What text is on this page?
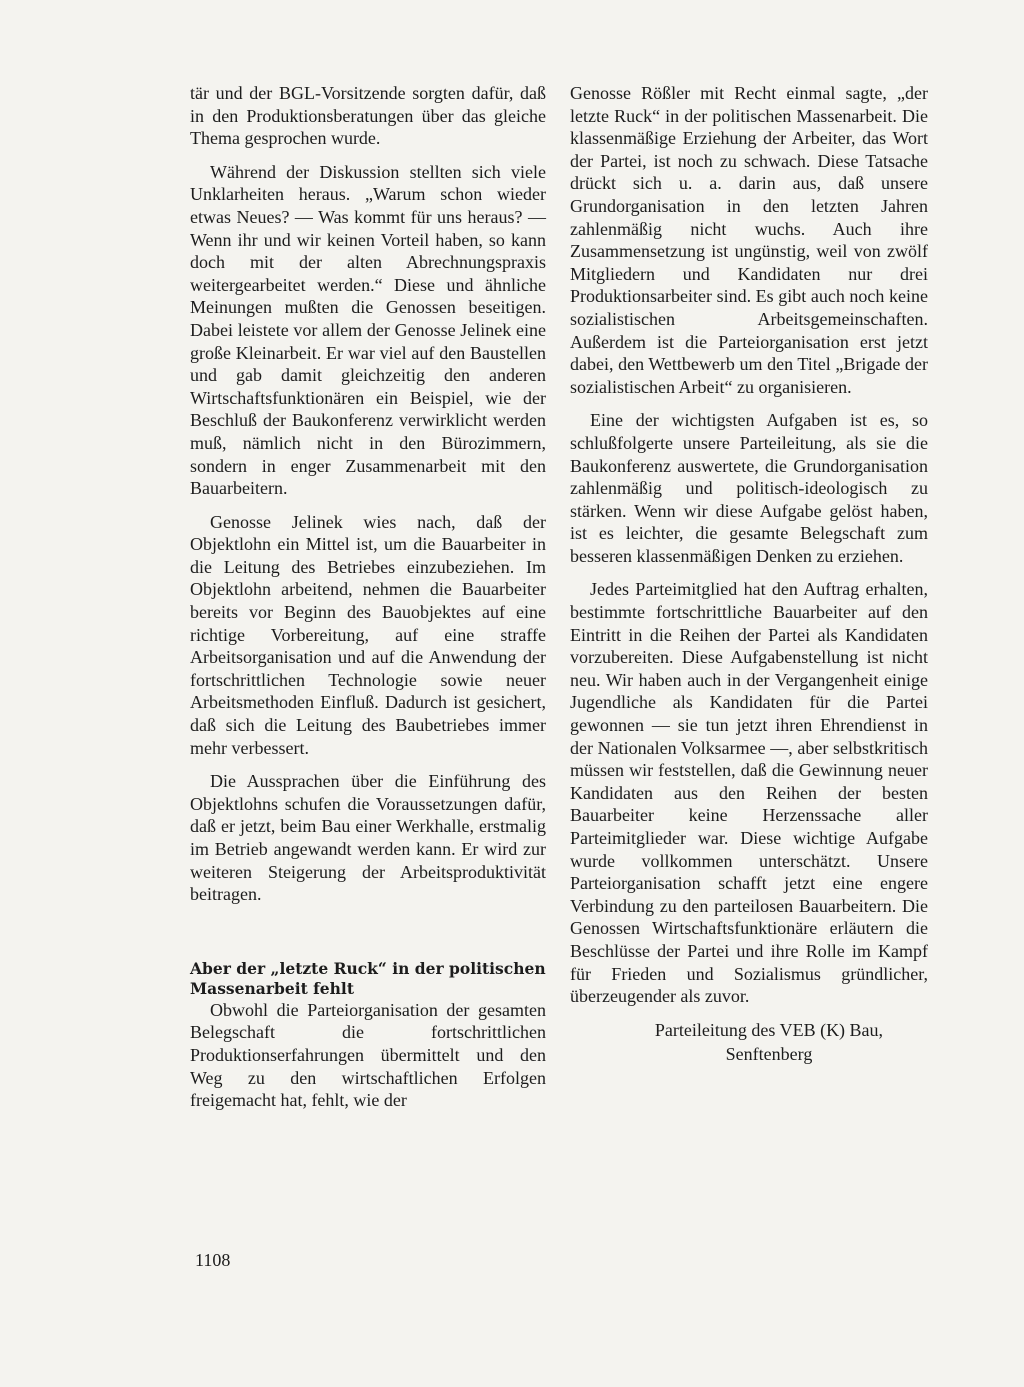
tär und der BGL-Vorsitzende sorgten dafür, daß in den Produktionsberatungen über das gleiche Thema gesprochen wurde.

Während der Diskussion stellten sich viele Unklarheiten heraus. „Warum schon wieder etwas Neues? — Was kommt für uns heraus? — Wenn ihr und wir keinen Vorteil haben, so kann doch mit der alten Abrechnungspraxis weitergearbeitet werden.“ Diese und ähnliche Meinungen mußten die Genossen beseitigen. Dabei leistete vor allem der Genosse Jelinek eine große Kleinarbeit. Er war viel auf den Baustellen und gab damit gleichzeitig den anderen Wirtschaftsfunktionären ein Beispiel, wie der Beschluß der Baukonferenz verwirklicht werden muß, nämlich nicht in den Bürozimmern, sondern in enger Zusammenarbeit mit den Bauarbeitern.

Genosse Jelinek wies nach, daß der Objektlohn ein Mittel ist, um die Bauarbeiter in die Leitung des Betriebes einzubeziehen. Im Objektlohn arbeitend, nehmen die Bauarbeiter bereits vor Beginn des Bauobjektes auf eine richtige Vorbereitung, auf eine straffe Arbeitsorganisation und auf die Anwendung der fortschrittlichen Technologie sowie neuer Arbeitsmethoden Einfluß. Dadurch ist gesichert, daß sich die Leitung des Baubetriebes immer mehr verbessert.

Die Aussprachen über die Einführung des Objektlohns schufen die Voraussetzungen dafür, daß er jetzt, beim Bau einer Werkhalle, erstmalig im Betrieb angewandt werden kann. Er wird zur weiteren Steigerung der Arbeitsproduktivität beitragen.

Aber der „letzte Ruck“ in der politischen Massenarbeit fehlt

Obwohl die Parteiorganisation der gesamten Belegschaft die fortschrittlichen Produktionserfahrungen übermittelt und den Weg zu den wirtschaftlichen Erfolgen freigemacht hat, fehlt, wie der

Genosse Rößler mit Recht einmal sagte, „der letzte Ruck“ in der politischen Massenarbeit. Die klassenmäßige Erziehung der Arbeiter, das Wort der Partei, ist noch zu schwach. Diese Tatsache drückt sich u. a. darin aus, daß unsere Grundorganisation in den letzten Jahren zahlenmäßig nicht wuchs. Auch ihre Zusammensetzung ist ungünstig, weil von zwölf Mitgliedern und Kandidaten nur drei Produktionsarbeiter sind. Es gibt auch noch keine sozialistischen Arbeitsgemeinschaften. Außerdem ist die Parteiorganisation erst jetzt dabei, den Wettbewerb um den Titel „Brigade der sozialistischen Arbeit“ zu organisieren.

Eine der wichtigsten Aufgaben ist es, so schlußfolgerte unsere Parteileitung, als sie die Baukonferenz auswertete, die Grundorganisation zahlenmäßig und politisch-ideologisch zu stärken. Wenn wir diese Aufgabe gelöst haben, ist es leichter, die gesamte Belegschaft zum besseren klassenmäßigen Denken zu erziehen.

Jedes Parteimitglied hat den Auftrag erhalten, bestimmte fortschrittliche Bauarbeiter auf den Eintritt in die Reihen der Partei als Kandidaten vorzubereiten. Diese Aufgabenstellung ist nicht neu. Wir haben auch in der Vergangenheit einige Jugendliche als Kandidaten für die Partei gewonnen — sie tun jetzt ihren Ehrendienst in der Nationalen Volksarmee —, aber selbstkritisch müssen wir feststellen, daß die Gewinnung neuer Kandidaten aus den Reihen der besten Bauarbeiter keine Herzenssache aller Parteimitglieder war. Diese wichtige Aufgabe wurde vollkommen unterschätzt. Unsere Parteiorganisation schafft jetzt eine engere Verbindung zu den parteilosen Bauarbeitern. Die Genossen Wirtschaftsfunktionäre erläutern die Beschlüsse der Partei und ihre Rolle im Kampf für Frieden und Sozialismus gründlicher, überzeugender als zuvor.

Parteileitung des VEB (K) Bau,
Senftenberg
1108
